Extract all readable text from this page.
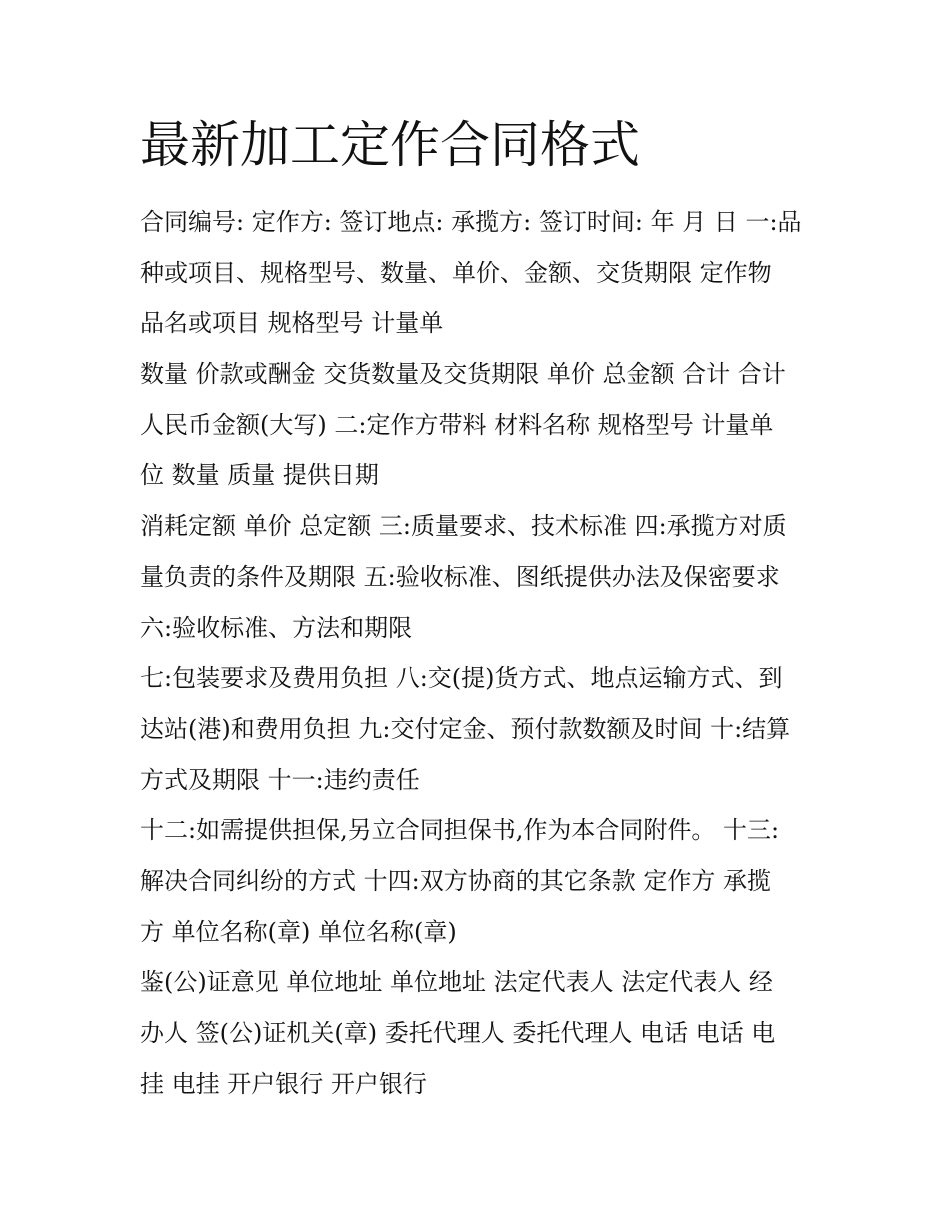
最新加工定作合同格式
合同编号: 定作方: 签订地点: 承揽方: 签订时间: 年 月 日 一:品
种或项目、规格型号、数量、单价、金额、交货期限 定作物
品名或项目 规格型号 计量单
数量 价款或酬金 交货数量及交货期限 单价 总金额 合计 合计
人民币金额(大写) 二:定作方带料 材料名称 规格型号 计量单
位 数量 质量 提供日期
消耗定额 单价 总定额 三:质量要求、技术标准 四:承揽方对质
量负责的条件及期限 五:验收标准、图纸提供办法及保密要求
六:验收标准、方法和期限
七:包装要求及费用负担 八:交(提)货方式、地点运输方式、到
达站(港)和费用负担 九:交付定金、预付款数额及时间 十:结算
方式及期限 十一:违约责任
十二:如需提供担保,另立合同担保书,作为本合同附件。 十三:
解决合同纠纷的方式 十四:双方协商的其它条款 定作方 承揽
方 单位名称(章) 单位名称(章)
鉴(公)证意见 单位地址 单位地址 法定代表人 法定代表人 经
办人 签(公)证机关(章) 委托代理人 委托代理人 电话 电话 电
挂 电挂 开户银行 开户银行
